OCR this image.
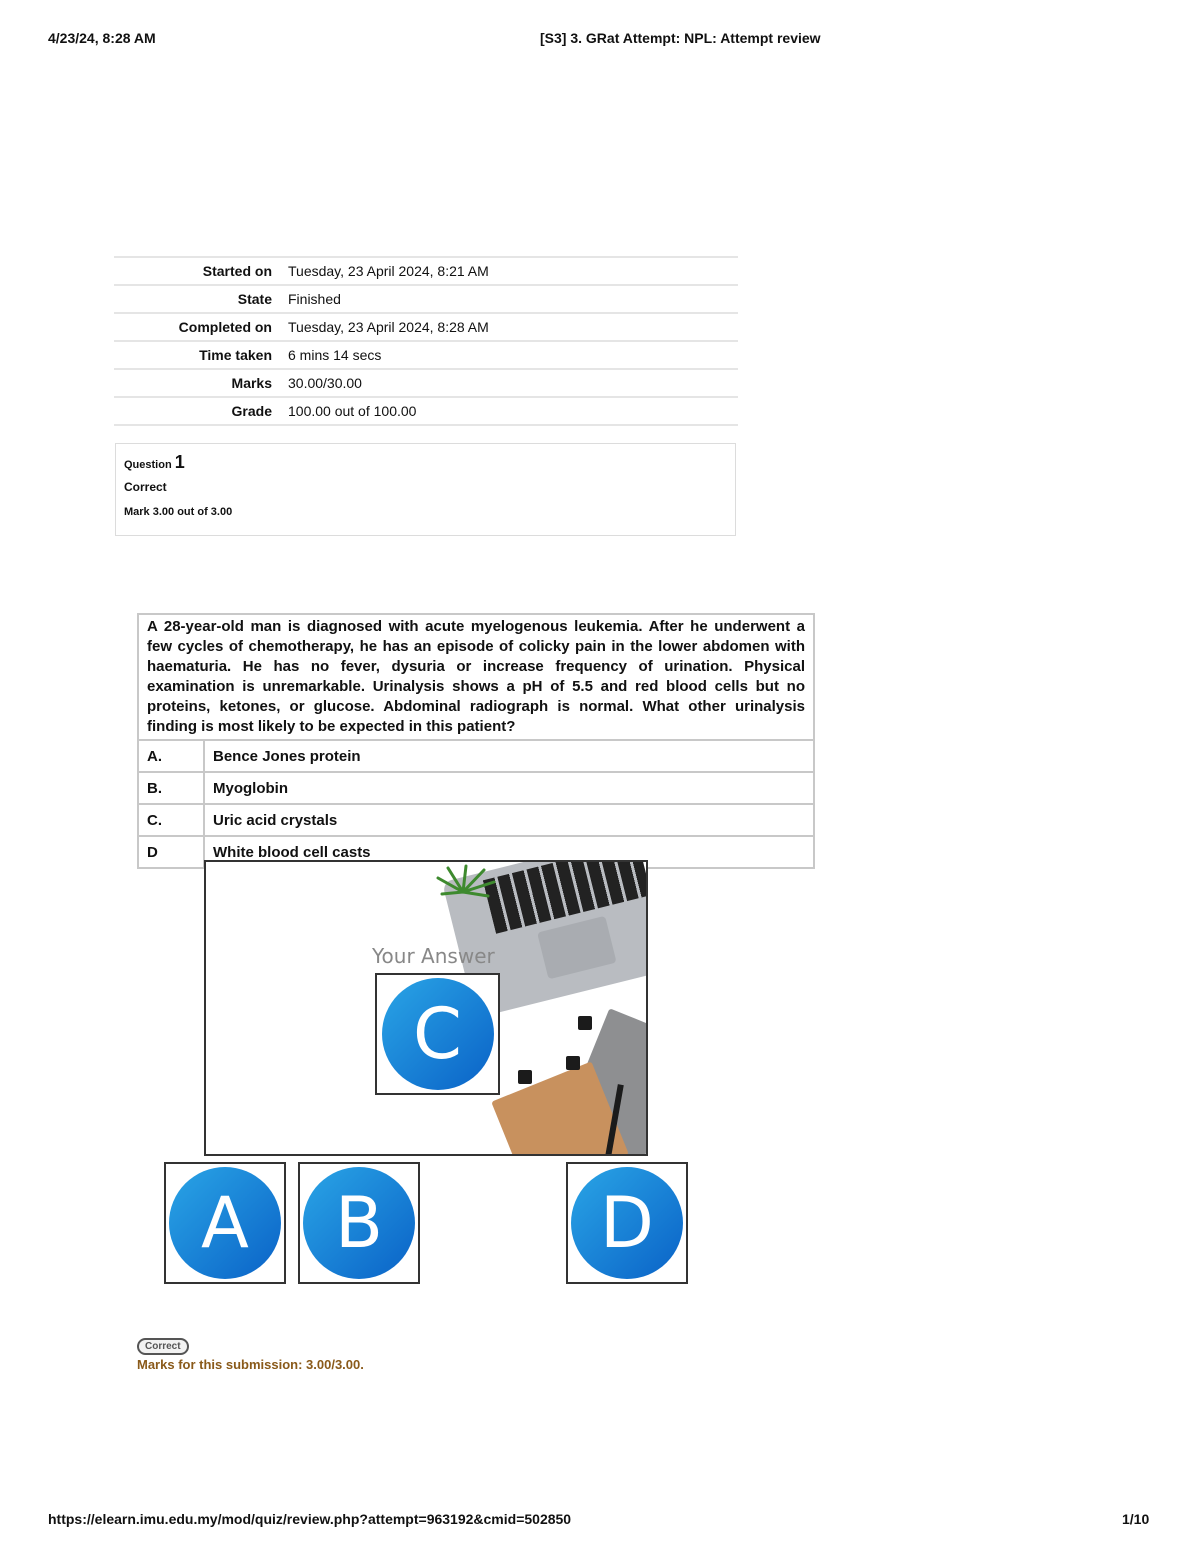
4/23/24, 8:28 AM	[S3] 3. GRat Attempt: NPL: Attempt review
Started on	Tuesday, 23 April 2024, 8:21 AM
State	Finished
Completed on	Tuesday, 23 April 2024, 8:28 AM
Time taken	6 mins 14 secs
Marks	30.00/30.00
Grade	100.00 out of 100.00
Question 1
Correct
Mark 3.00 out of 3.00
A 28-year-old man is diagnosed with acute myelogenous leukemia. After he underwent a few cycles of chemotherapy, he has an episode of colicky pain in the lower abdomen with haematuria. He has no fever, dysuria or increase frequency of urination. Physical examination is unremarkable. Urinalysis shows a pH of 5.5 and red blood cells but no proteins, ketones, or glucose. Abdominal radiograph is normal. What other urinalysis finding is most likely to be expected in this patient?	
A.	Bence Jones protein
B.	Myoglobin
C.	Uric acid crystals
D	White blood cell casts
Your Answer
C
A	B	D
Correct
Marks for this submission: 3.00/3.00.
https://elearn.imu.edu.my/mod/quiz/review.php?attempt=963192&cmid=502850	1/10
